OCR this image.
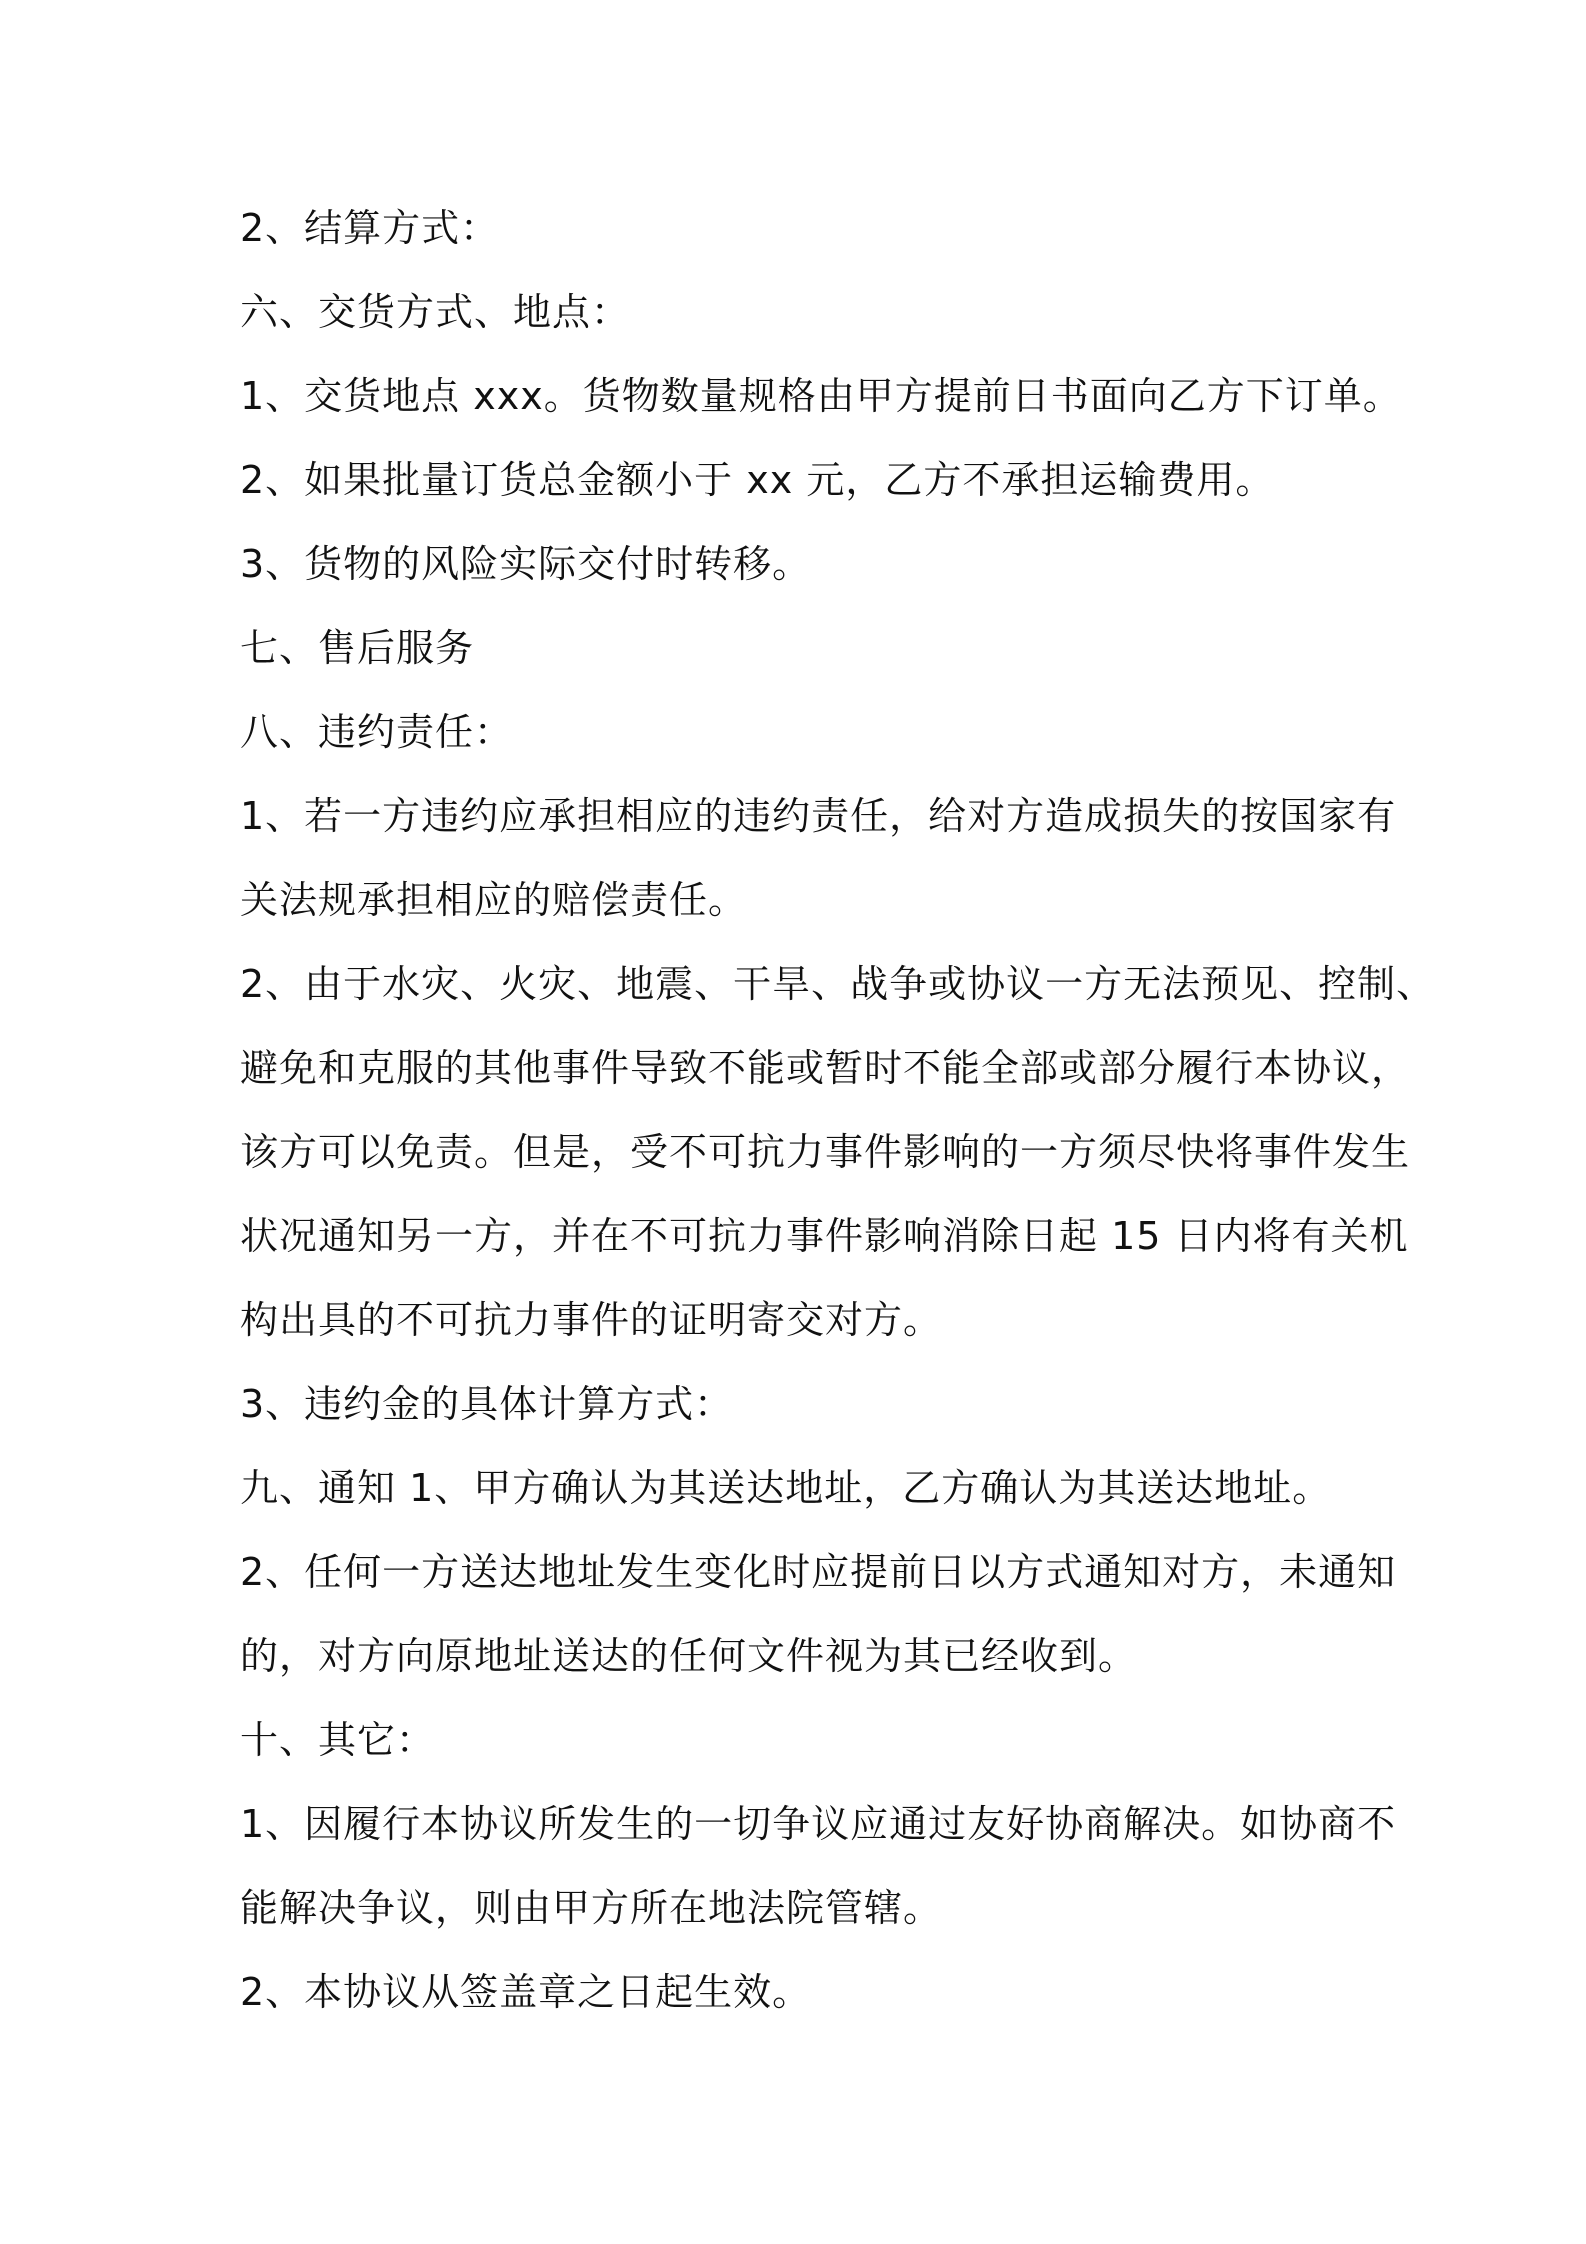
2、结算方式：
六、交货方式、地点：
1、交货地点 xxx。货物数量规格由甲方提前日书面向乙方下订单。
2、如果批量订货总金额小于 xx 元，乙方不承担运输费用。
3、货物的风险实际交付时转移。
七、售后服务
八、违约责任：
1、若一方违约应承担相应的违约责任，给对方造成损失的按国家有
关法规承担相应的赔偿责任。
2、由于水灾、火灾、地震、干旱、战争或协议一方无法预见、控制、
避免和克服的其他事件导致不能或暂时不能全部或部分履行本协议，
该方可以免责。但是，受不可抗力事件影响的一方须尽快将事件发生
状况通知另一方，并在不可抗力事件影响消除日起 15 日内将有关机
构出具的不可抗力事件的证明寄交对方。
3、违约金的具体计算方式：
九、通知 1、甲方确认为其送达地址，乙方确认为其送达地址。
2、任何一方送达地址发生变化时应提前日以方式通知对方，未通知
的，对方向原地址送达的任何文件视为其已经收到。
十、其它：
1、因履行本协议所发生的一切争议应通过友好协商解决。如协商不
能解决争议，则由甲方所在地法院管辖。
2、本协议从签盖章之日起生效。
